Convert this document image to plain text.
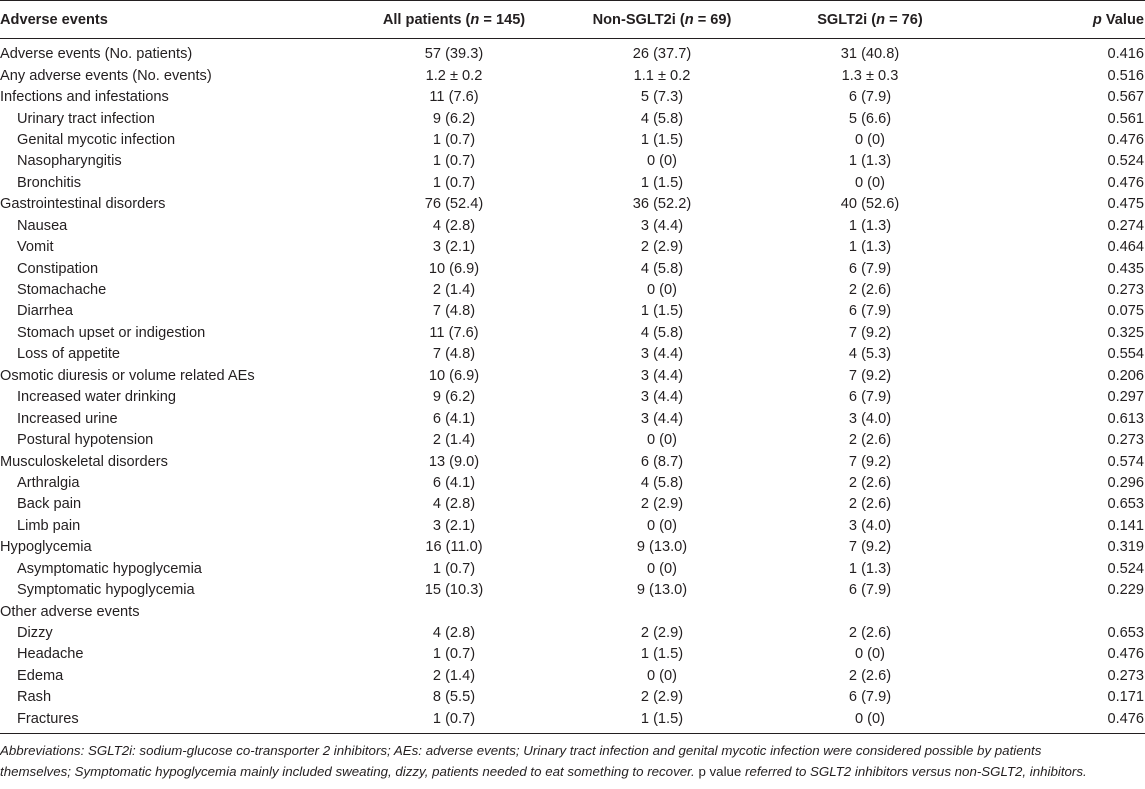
Adverse events	All patients (n = 145)	Non-SGLT2i (n = 69)	SGLT2i (n = 76)	p Value
Adverse events (No. patients)	57 (39.3)	26 (37.7)	31 (40.8)	0.416
Any adverse events (No. events)	1.2 ± 0.2	1.1 ± 0.2	1.3 ± 0.3	0.516
Infections and infestations	11 (7.6)	5 (7.3)	6 (7.9)	0.567
Urinary tract infection	9 (6.2)	4 (5.8)	5 (6.6)	0.561
Genital mycotic infection	1 (0.7)	1 (1.5)	0 (0)	0.476
Nasopharyngitis	1 (0.7)	0 (0)	1 (1.3)	0.524
Bronchitis	1 (0.7)	1 (1.5)	0 (0)	0.476
Gastrointestinal disorders	76 (52.4)	36 (52.2)	40 (52.6)	0.475
Nausea	4 (2.8)	3 (4.4)	1 (1.3)	0.274
Vomit	3 (2.1)	2 (2.9)	1 (1.3)	0.464
Constipation	10 (6.9)	4 (5.8)	6 (7.9)	0.435
Stomachache	2 (1.4)	0 (0)	2 (2.6)	0.273
Diarrhea	7 (4.8)	1 (1.5)	6 (7.9)	0.075
Stomach upset or indigestion	11 (7.6)	4 (5.8)	7 (9.2)	0.325
Loss of appetite	7 (4.8)	3 (4.4)	4 (5.3)	0.554
Osmotic diuresis or volume related AEs	10 (6.9)	3 (4.4)	7 (9.2)	0.206
Increased water drinking	9 (6.2)	3 (4.4)	6 (7.9)	0.297
Increased urine	6 (4.1)	3 (4.4)	3 (4.0)	0.613
Postural hypotension	2 (1.4)	0 (0)	2 (2.6)	0.273
Musculoskeletal disorders	13 (9.0)	6 (8.7)	7 (9.2)	0.574
Arthralgia	6 (4.1)	4 (5.8)	2 (2.6)	0.296
Back pain	4 (2.8)	2 (2.9)	2 (2.6)	0.653
Limb pain	3 (2.1)	0 (0)	3 (4.0)	0.141
Hypoglycemia	16 (11.0)	9 (13.0)	7 (9.2)	0.319
Asymptomatic hypoglycemia	1 (0.7)	0 (0)	1 (1.3)	0.524
Symptomatic hypoglycemia	15 (10.3)	9 (13.0)	6 (7.9)	0.229
Other adverse events				
Dizzy	4 (2.8)	2 (2.9)	2 (2.6)	0.653
Headache	1 (0.7)	1 (1.5)	0 (0)	0.476
Edema	2 (1.4)	0 (0)	2 (2.6)	0.273
Rash	8 (5.5)	2 (2.9)	6 (7.9)	0.171
Fractures	1 (0.7)	1 (1.5)	0 (0)	0.476
Abbreviations: SGLT2i: sodium-glucose co-transporter 2 inhibitors; AEs: adverse events; Urinary tract infection and genital mycotic infection were considered possible by patients
themselves; Symptomatic hypoglycemia mainly included sweating, dizzy, patients needed to eat something to recover. p value referred to SGLT2 inhibitors versus non-SGLT2, inhibitors.
